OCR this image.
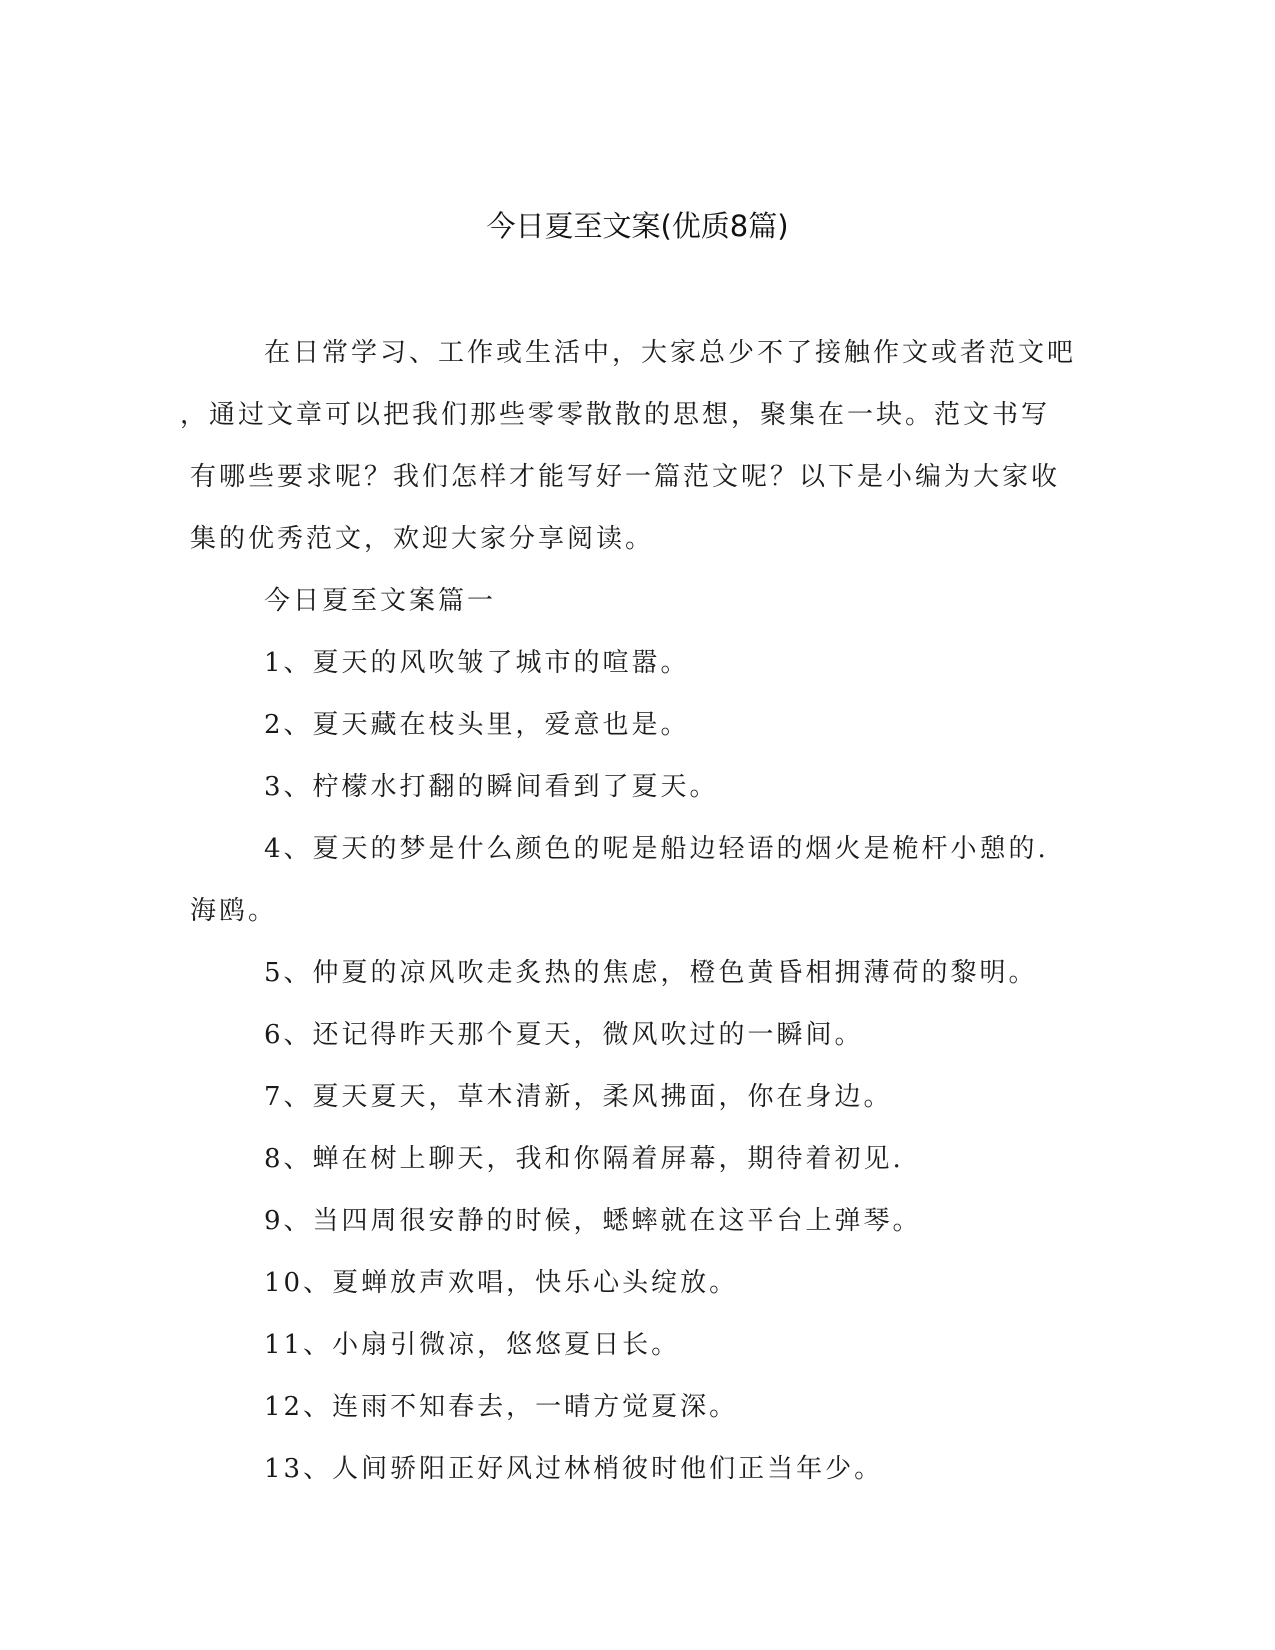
今日夏至文案(优质8篇)
在日常学习、工作或生活中，大家总少不了接触作文或者范文吧
，通过文章可以把我们那些零零散散的思想，聚集在一块。范文书写
有哪些要求呢？我们怎样才能写好一篇范文呢？以下是小编为大家收
集的优秀范文，欢迎大家分享阅读。

今日夏至文案篇一

1、夏天的风吹皱了城市的喧嚣。

2、夏天藏在枝头里，爱意也是。

3、柠檬水打翻的瞬间看到了夏天。

4、夏天的梦是什么颜色的呢是船边轻语的烟火是桅杆小憩的.海鸥。

5、仲夏的凉风吹走炙热的焦虑，橙色黄昏相拥薄荷的黎明。

6、还记得昨天那个夏天，微风吹过的一瞬间。

7、夏天夏天，草木清新，柔风拂面，你在身边。

8、蝉在树上聊天，我和你隔着屏幕，期待着初见.

9、当四周很安静的时候，蟋蟀就在这平台上弹琴。

10、夏蝉放声欢唱，快乐心头绽放。

11、小扇引微凉，悠悠夏日长。

12、连雨不知春去，一晴方觉夏深。

13、人间骄阳正好风过林梢彼时他们正当年少。
